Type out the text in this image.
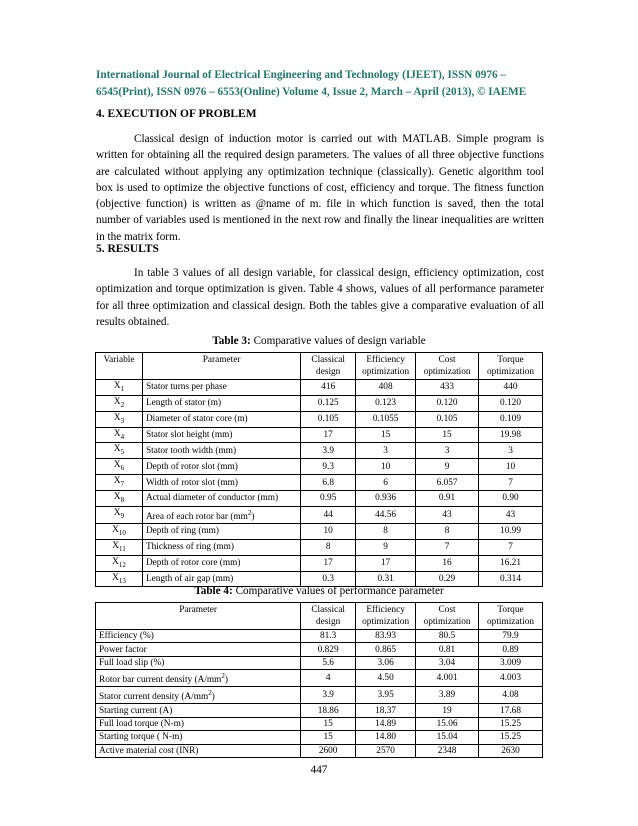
International Journal of Electrical Engineering and Technology (IJEET), ISSN 0976 –
6545(Print), ISSN 0976 – 6553(Online) Volume 4, Issue 2, March – April (2013), © IAEME
4. EXECUTION OF PROBLEM
Classical design of induction motor is carried out with MATLAB. Simple program is written for obtaining all the required design parameters. The values of all three objective functions are calculated without applying any optimization technique (classically). Genetic algorithm tool box is used to optimize the objective functions of cost, efficiency and torque. The fitness function (objective function) is written as @name of m. file in which function is saved, then the total number of variables used is mentioned in the next row and finally the linear inequalities are written in the matrix form.
5. RESULTS
In table 3 values of all design variable, for classical design, efficiency optimization, cost optimization and torque optimization is given. Table 4 shows, values of all performance parameter for all three optimization and classical design. Both the tables give a comparative evaluation of all results obtained.
Table 3: Comparative values of design variable
Variable	Parameter	Classical design	Efficiency optimization	Cost optimization	Torque optimization
$X_1$	Stator turns per phase	416	408	433	440
$X_2$	Length of stator (m)	0.125	0.123	0.120	0.120
$X_3$	Diameter of stator core (m)	0.105	0.1055	0.105	0.109
$X_4$	Stator slot height (mm)	17	15	15	19.98
$X_5$	Stator tooth width (mm)	3.9	3	3	3
$X_6$	Depth of rotor slot (mm)	9.3	10	9	10
$X_7$	Width of rotor slot (mm)	6.8	6	6.057	7
$X_8$	Actual diameter of conductor (mm)	0.95	0.936	0.91	0.90
$X_9$	Area of each rotor bar $(mm^2)$	44	44.56	43	43
$X_{10}$	Depth of ring (mm)	10	8	8	10.99
$X_{11}$	Thickness of ring (mm)	8	9	7	7
$X_{12}$	Depth of rotor core (mm)	17	17	16	16.21
$X_{13}$	Length of air gap (mm)	0.3	0.31	0.29	0.314
Table 4: Comparative values of performance parameter
Parameter	Classical design	Efficiency optimization	Cost optimization	Torque optimization
Efficiency (%)	81.3	83.93	80.5	79.9
Power factor	0.829	0.865	0.81	0.89
Full load slip (%)	5.6	3.06	3.04	3.009
Rotor bar current density $(A/mm^2)$	4	4.50	4.001	4.003
Stator current density $(A/mm^2)$	3.9	3.95	3.89	4.08
Starting current (A)	18.86	18.37	19	17.68
Full load torque (N-m)	15	14.89	15.06	15.25
Starting torque ( N-m)	15	14.80	15.04	15.25
Active material cost (INR)	2600	2570	2348	2630
447
